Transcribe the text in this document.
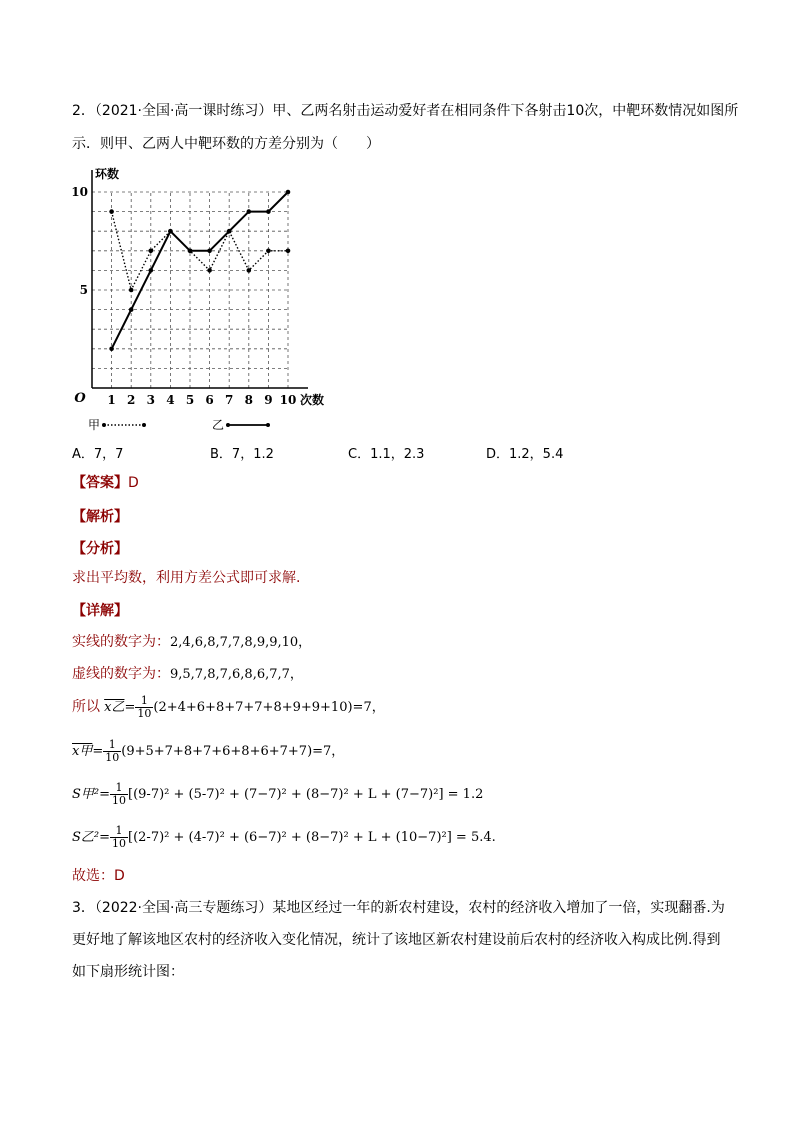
2．（2021·全国·高一课时练习）甲、乙两名射击运动爱好者在相同条件下各射击10次，中靶环数情况如图所
示．则甲、乙两人中靶环数的方差分别为（　　）
1 2 3 4 5 6 7 8 9 10
5
10
O
环数
次数
甲	乙
A．7，7	B．7，1.2	C．1.1，2.3	D．1.2，5.4
【答案】D
【解析】
【分析】
求出平均数，利用方差公式即可求解.
【详解】
实线的数字为：2,4,6,8,7,7,8,9,9,10，
虚线的数字为：9,5,7,8,7,6,8,6,7,7，
所以 x乙= $\frac{1}{10} (2+4+6+8+7+7+8+9+9+10)=7$，
x甲= $\frac{1}{10} (9+5+7+8+7+6+8+6+7+7)=7$，
S甲$^2= \frac{1}{10} [(9-7)^2 + (5-7)^2 + (7-7)^2 + (8-7)^2 + L + (7-7)^2] = 1.2$
S乙$^2= \frac{1}{10} [(2-7)^2 + (4-7)^2 + (6-7)^2 + (8-7)^2 + L + (10-7)^2] = 5.4$.
故选：D
3．（2022·全国·高三专题练习）某地区经过一年的新农村建设，农村的经济收入增加了一倍，实现翻番.为
更好地了解该地区农村的经济收入变化情况，统计了该地区新农村建设前后农村的经济收入构成比例.得到
如下扇形统计图：
